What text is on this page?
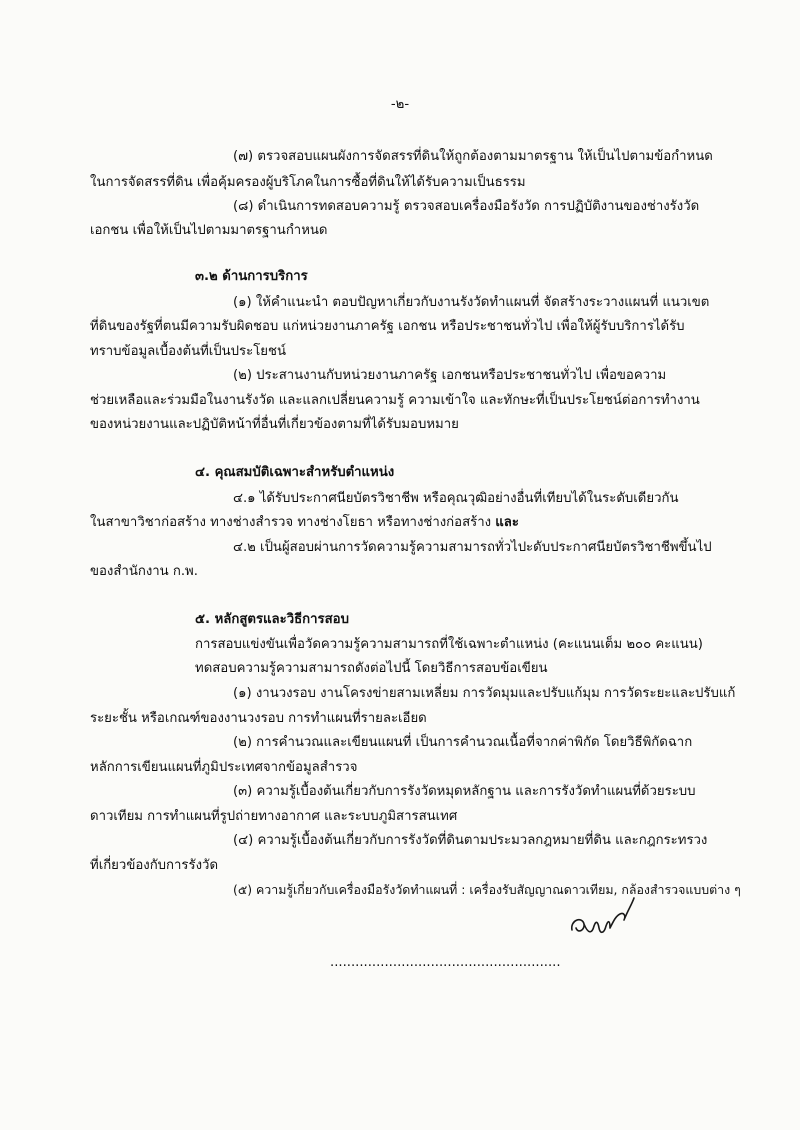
-๒-
(๗) ตรวจสอบแผนผังการจัดสรรที่ดินให้ถูกต้องตามมาตรฐาน ให้เป็นไปตามข้อกำหนด
ในการจัดสรรที่ดิน เพื่อคุ้มครองผู้บริโภคในการซื้อที่ดินให้ได้รับความเป็นธรรม
(๘) ดำเนินการทดสอบความรู้ ตรวจสอบเครื่องมือรังวัด การปฏิบัติงานของช่างรังวัด
เอกชน เพื่อให้เป็นไปตามมาตรฐานกำหนด
๓.๒ ด้านการบริการ
(๑) ให้คำแนะนำ ตอบปัญหาเกี่ยวกับงานรังวัดทำแผนที่ จัดสร้างระวางแผนที่ แนวเขต
ที่ดินของรัฐที่ตนมีความรับผิดชอบ แก่หน่วยงานภาครัฐ เอกชน หรือประชาชนทั่วไป เพื่อให้ผู้รับบริการได้รับ
ทราบข้อมูลเบื้องต้นที่เป็นประโยชน์
(๒) ประสานงานกับหน่วยงานภาครัฐ เอกชนหรือประชาชนทั่วไป เพื่อขอความ
ช่วยเหลือและร่วมมือในงานรังวัด และแลกเปลี่ยนความรู้ ความเข้าใจ และทักษะที่เป็นประโยชน์ต่อการทำงาน
ของหน่วยงานและปฏิบัติหน้าที่อื่นที่เกี่ยวข้องตามที่ได้รับมอบหมาย
๔. คุณสมบัติเฉพาะสำหรับตำแหน่ง
๔.๑ ได้รับประกาศนียบัตรวิชาชีพ หรือคุณวุฒิอย่างอื่นที่เทียบได้ในระดับเดียวกัน
ในสาขาวิชาก่อสร้าง ทางช่างสำรวจ ทางช่างโยธา หรือทางช่างก่อสร้าง และ
๔.๒ เป็นผู้สอบผ่านการวัดความรู้ความสามารถทั่วไปะดับประกาศนียบัตรวิชาชีพขึ้นไป
ของสำนักงาน ก.พ.
๕. หลักสูตรและวิธีการสอบ
การสอบแข่งขันเพื่อวัดความรู้ความสามารถที่ใช้เฉพาะตำแหน่ง (คะแนนเต็ม ๒๐๐ คะแนน)
ทดสอบความรู้ความสามารถดังต่อไปนี้ โดยวิธีการสอบข้อเขียน
(๑) งานวงรอบ งานโครงข่ายสามเหลี่ยม การวัดมุมและปรับแก้มุม การวัดระยะและปรับแก้
ระยะชั้น หรือเกณฑ์ของงานวงรอบ การทำแผนที่รายละเอียด
(๒) การคำนวณและเขียนแผนที่ เป็นการคำนวณเนื้อที่จากค่าพิกัด โดยวิธีพิกัดฉาก
หลักการเขียนแผนที่ภูมิประเทศจากข้อมูลสำรวจ
(๓) ความรู้เบื้องต้นเกี่ยวกับการรังวัดหมุดหลักฐาน และการรังวัดทำแผนที่ด้วยระบบ
ดาวเทียม การทำแผนที่รูปถ่ายทางอากาศ และระบบภูมิสารสนเทศ
(๔) ความรู้เบื้องต้นเกี่ยวกับการรังวัดที่ดินตามประมวลกฎหมายที่ดิน และกฎกระทรวง
ที่เกี่ยวข้องกับการรังวัด
(๕) ความรู้เกี่ยวกับเครื่องมือรังวัดทำแผนที่ : เครื่องรับสัญญาณดาวเทียม, กล้องสำรวจแบบต่าง ๆ
.......................................................
